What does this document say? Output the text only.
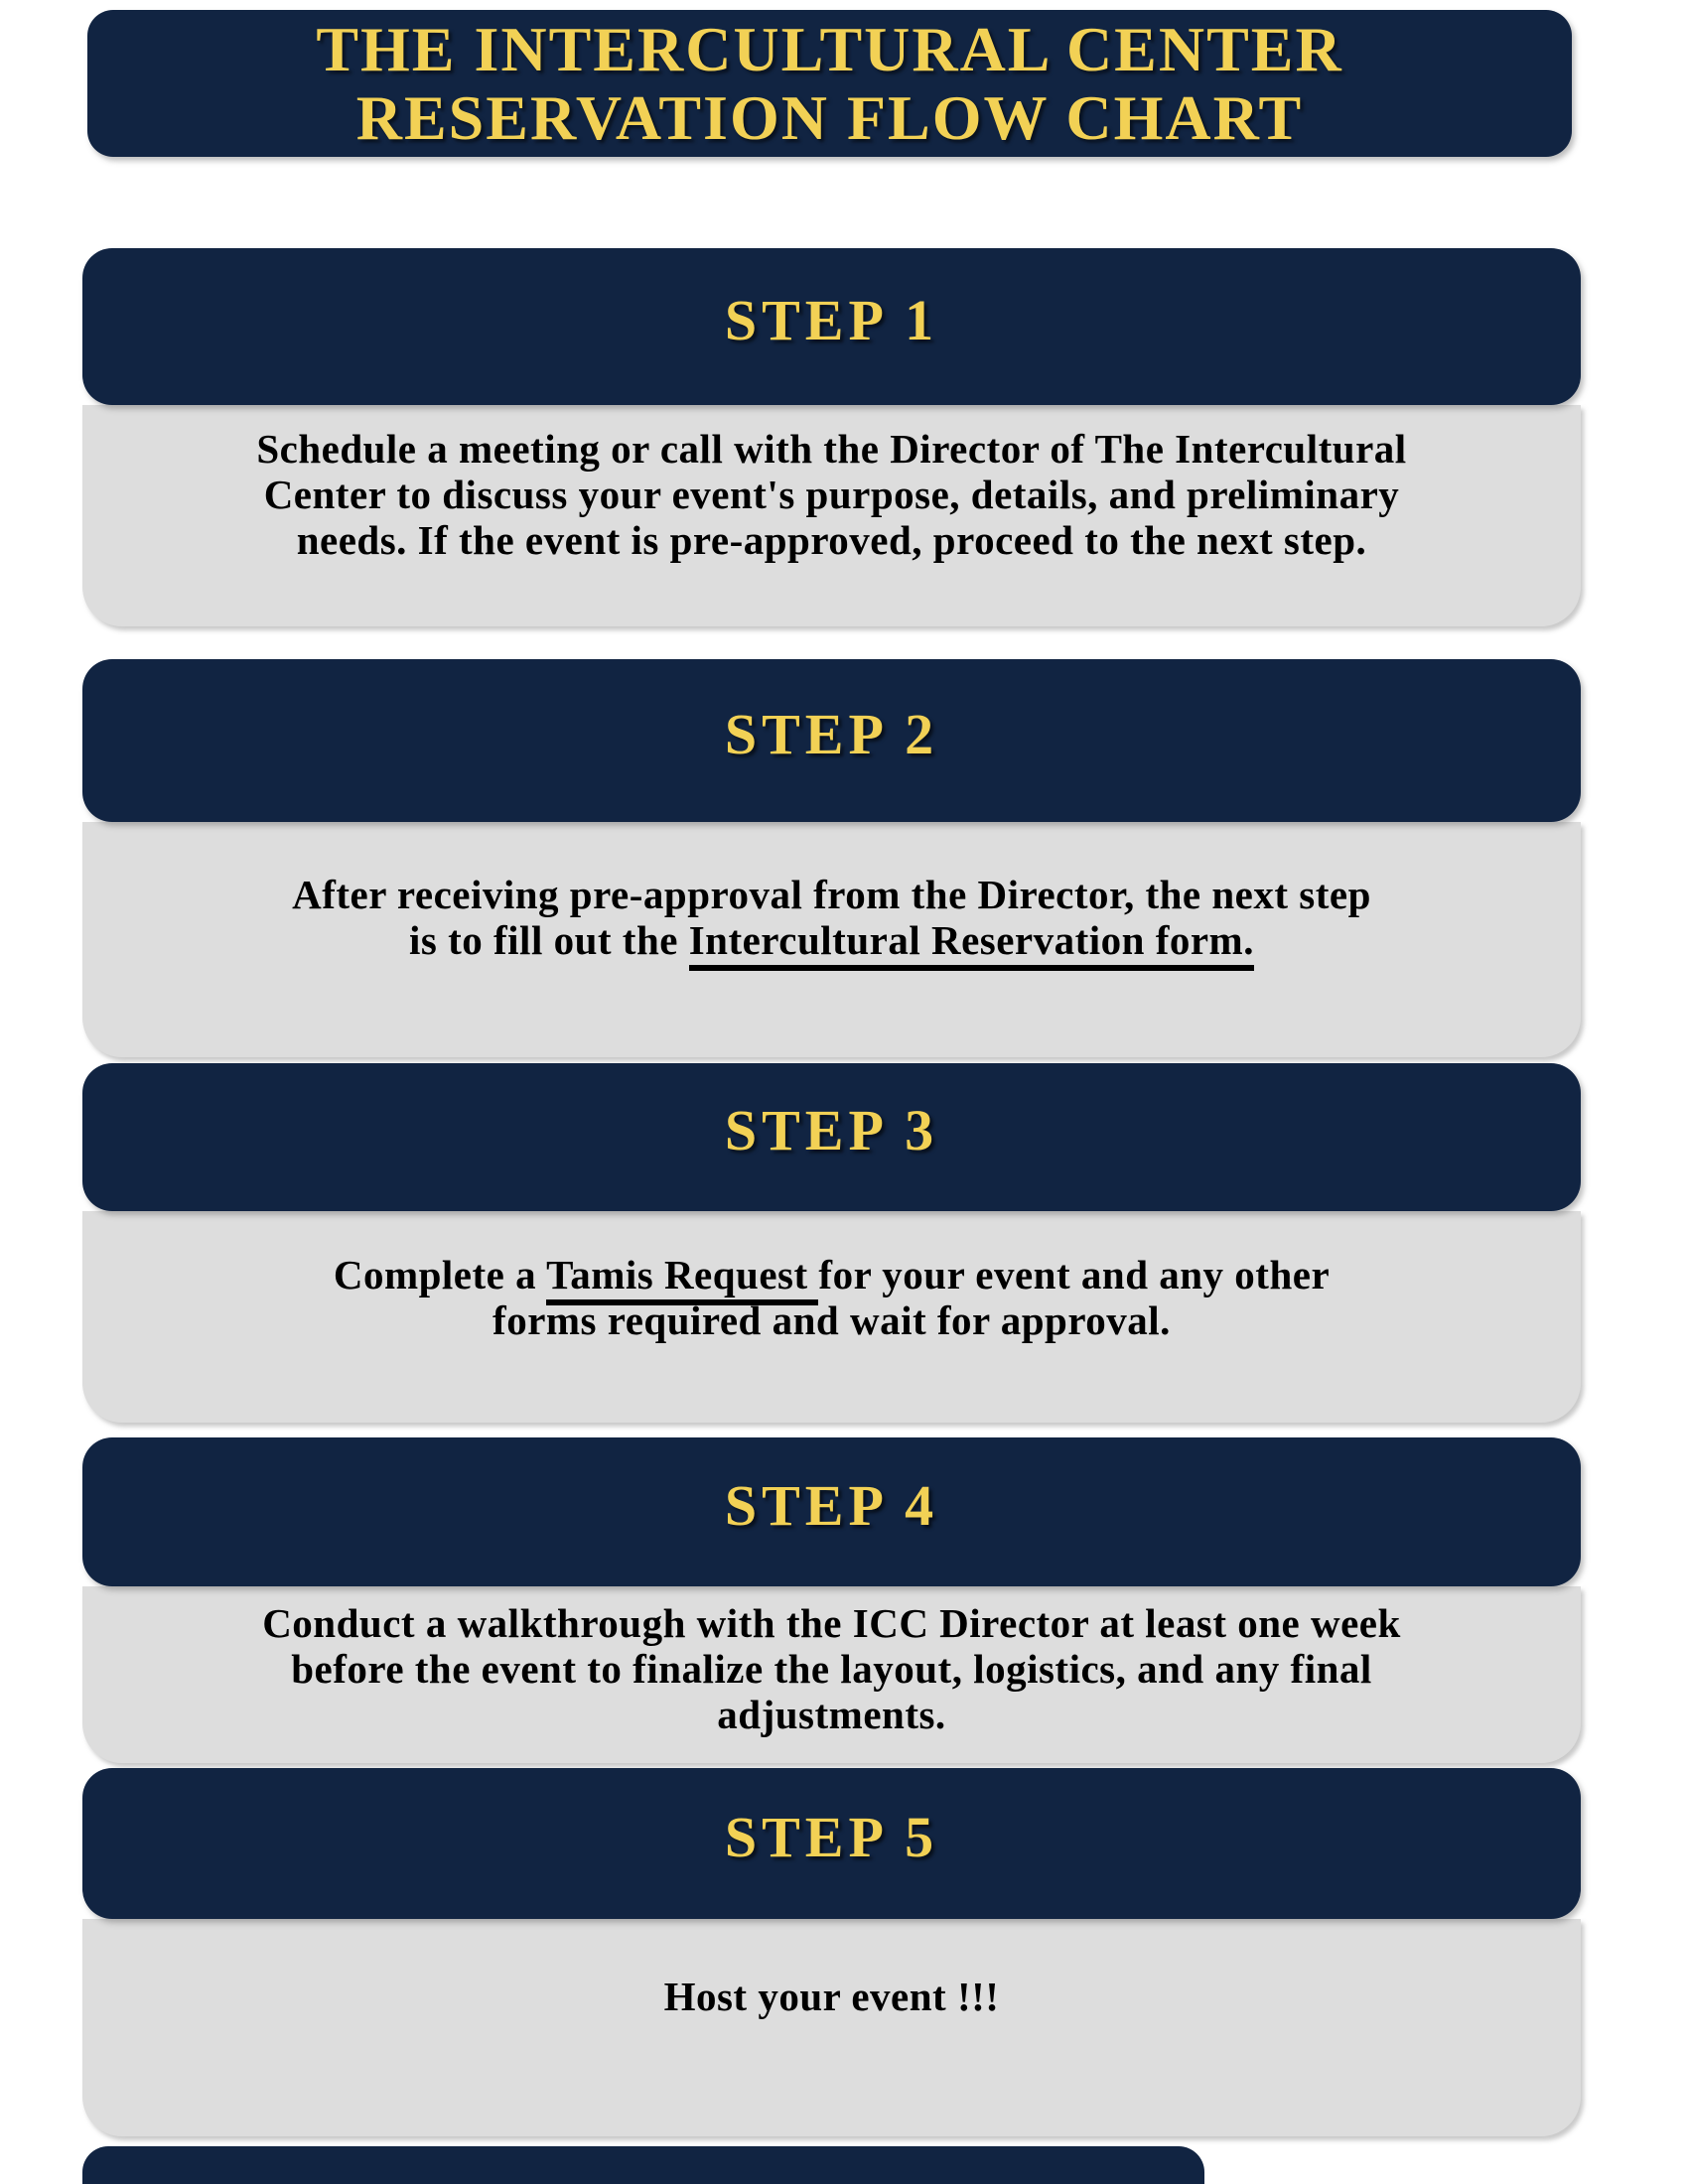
THE INTERCULTURAL CENTER
RESERVATION FLOW CHART
STEP 1
Schedule a meeting or call with the Director of The Intercultural
Center to discuss your event's purpose, details, and preliminary
needs. If the event is pre-approved, proceed to the next step.
STEP 2
After receiving pre-approval from the Director, the next step
is to fill out the Intercultural Reservation form.
STEP 3
Complete a Tamis Request for your event and any other
forms required and wait for approval.
STEP 4
Conduct a walkthrough with the ICC Director at least one week
before the event to finalize the layout, logistics, and any final
adjustments.
STEP 5
Host your event !!!
